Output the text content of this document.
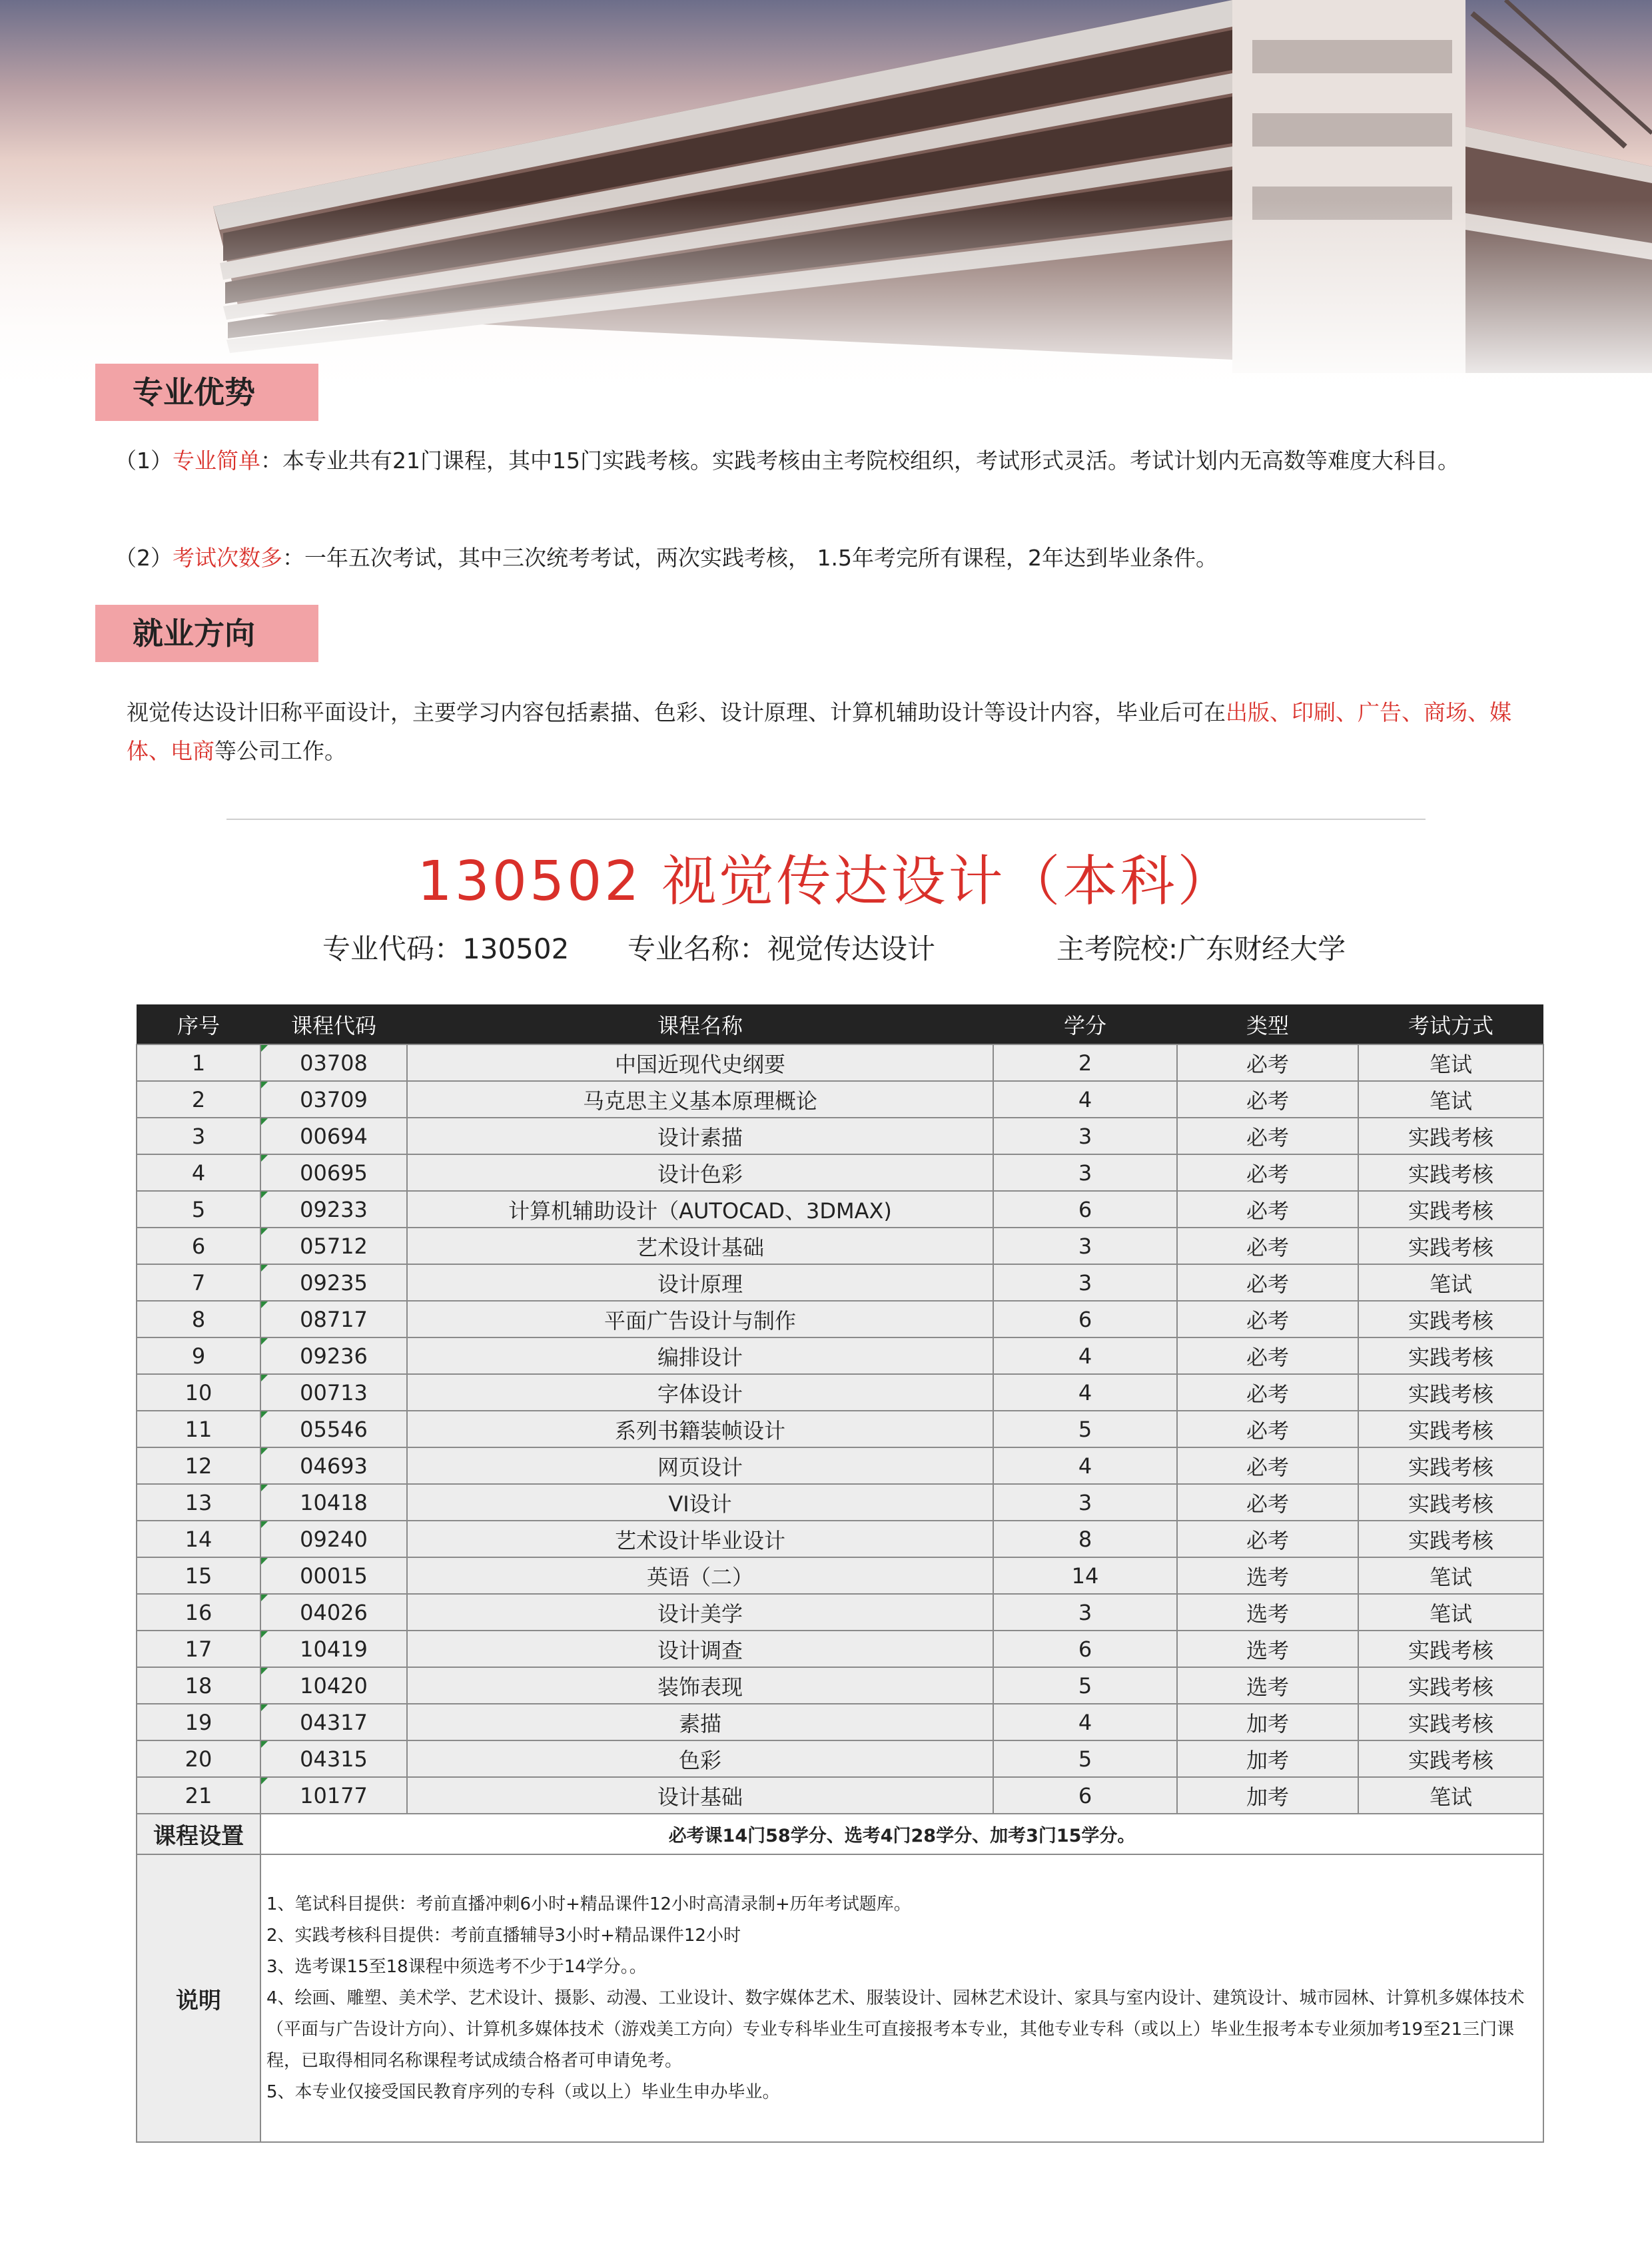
专业优势
（1）专业简单：本专业共有21门课程，其中15门实践考核。实践考核由主考院校组织，考试形式灵活。考试计划内无高数等难度大科目。
（2）考试次数多：一年五次考试，其中三次统考考试，两次实践考核， 1.5年考完所有课程，2年达到毕业条件。
就业方向
视觉传达设计旧称平面设计，主要学习内容包括素描、色彩、设计原理、计算机辅助设计等设计内容，毕业后可在出版、印刷、广告、商场、媒体、电商等公司工作。
130502 视觉传达设计（本科）
专业代码：130502 专业名称：视觉传达设计	主考院校:广东财经大学
序号	课程代码	课程名称	学分	类型	考试方式
1	03708	中国近现代史纲要	2	必考	笔试
2	03709	马克思主义基本原理概论	4	必考	笔试
3	00694	设计素描	3	必考	实践考核
4	00695	设计色彩	3	必考	实践考核
5	09233	计算机辅助设计（AUTOCAD、3DMAX)	6	必考	实践考核
6	05712	艺术设计基础	3	必考	实践考核
7	09235	设计原理	3	必考	笔试
8	08717	平面广告设计与制作	6	必考	实践考核
9	09236	编排设计	4	必考	实践考核
10	00713	字体设计	4	必考	实践考核
11	05546	系列书籍装帧设计	5	必考	实践考核
12	04693	网页设计	4	必考	实践考核
13	10418	VI设计	3	必考	实践考核
14	09240	艺术设计毕业设计	8	必考	实践考核
15	00015	英语（二）	14	选考	笔试
16	04026	设计美学	3	选考	笔试
17	10419	设计调查	6	选考	实践考核
18	10420	装饰表现	5	选考	实践考核
19	04317	素描	4	加考	实践考核
20	04315	色彩	5	加考	实践考核
21	10177	设计基础	6	加考	笔试
课程设置	必考课14门58学分、选考4门28学分、加考3门15学分。				
说明	1、笔试科目提供：考前直播冲刺6小时+精品课件12小时高清录制+历年考试题库。
2、实践考核科目提供：考前直播辅导3小时+精品课件12小时
3、选考课15至18课程中须选考不少于14学分。。
4、绘画、雕塑、美术学、艺术设计、摄影、动漫、工业设计、数字媒体艺术、服装设计、园林艺术设计、家具与室内设计、建筑设计、城市园林、计算机多媒体技术（平面与广告设计方向）、计算机多媒体技术（游戏美工方向）专业专科毕业生可直接报考本专业，其他专业专科（或以上）毕业生报考本专业须加考19至21三门课程，已取得相同名称课程考试成绩合格者可申请免考。
5、本专业仅接受国民教育序列的专科（或以上）毕业生申办毕业。				
